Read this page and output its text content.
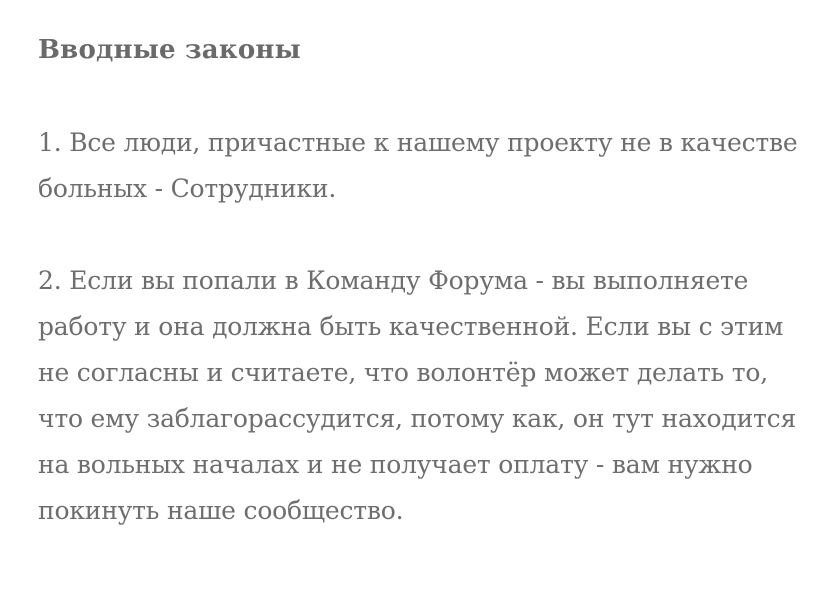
Вводные законы

1. Все люди, причастные к нашему проекту не в качестве больных - Сотрудники.

2. Если вы попали в Команду Форума - вы выполняете работу и она должна быть качественной. Если вы с этим не согласны и считаете, что волонтёр может делать то, что ему заблагорассудится, потому как, он тут находится на вольных началах и не получает оплату - вам нужно покинуть наше сообщество.
